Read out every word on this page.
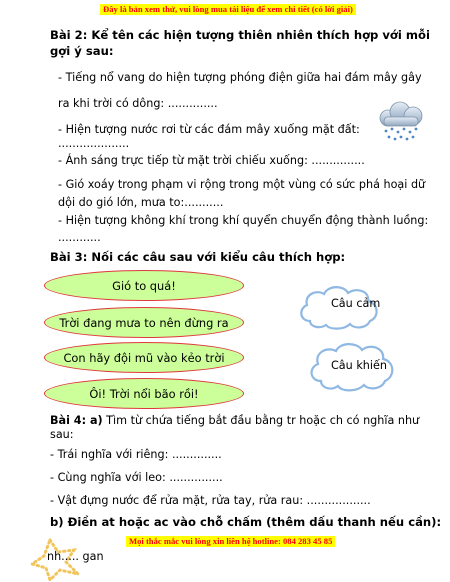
Đây là bản xem thử, vui lòng mua tài liệu để xem chi tiết (có lời giải)
Bài 2: Kể tên các hiện tượng thiên nhiên thích hợp với mỗi
gợi ý sau:
- Tiếng nổ vang do hiện tượng phóng điện giữa hai đám mây gây
ra khi trời có dông: ..............
- Hiện tượng nước rơi từ các đám mây xuống mặt đất:
....................
- Ánh sáng trực tiếp từ mặt trời chiếu xuống: ...............
- Gió xoáy trong phạm vi rộng trong một vùng có sức phá hoại dữ
dội do gió lớn, mưa to:...........
- Hiện tượng không khí trong khí quyển chuyển động thành luồng:
............
Bài 3: Nối các câu sau với kiểu câu thích hợp:
Gió to quá!
Trời đang mưa to nên đừng ra
Con hãy đội mũ vào kẻo trời
Ôi! Trời nổi bão rồi!
Câu cảm
Câu khiến
Bài 4: a) Tìm từ chứa tiếng bắt đầu bằng tr hoặc ch có nghĩa như
sau:
- Trái nghĩa với riêng: ..............
- Cùng nghĩa với leo: ...............
- Vật đựng nước để rửa mặt, rửa tay, rửa rau: ..................
b) Điền at hoặc ac vào chỗ chấm (thêm dấu thanh nếu cần):
Mọi thắc mắc vui lòng xin liên hệ hotline: 084 283 45 85
nh..... gan
